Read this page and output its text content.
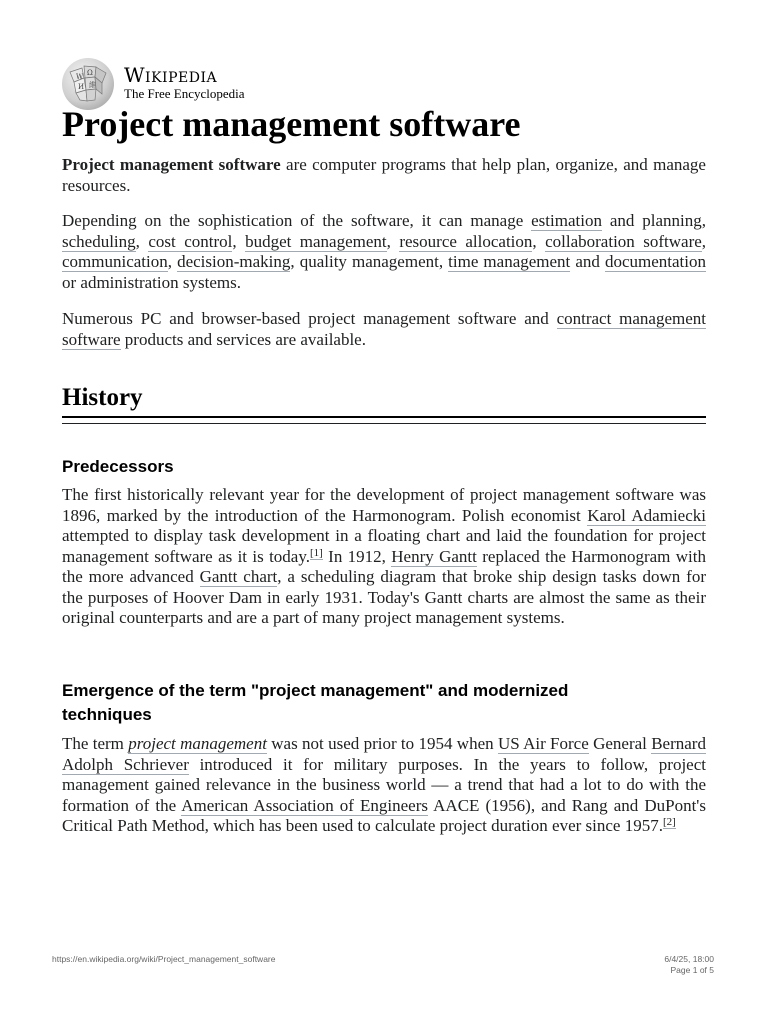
W Ω
И 維 Wikipedia
The Free Encyclopedia
Project management software

Project management software are computer programs that help plan, organize, and manage resources.

Depending on the sophistication of the software, it can manage estimation and planning, scheduling, cost control, budget management, resource allocation, collaboration software, communication, decision-making, quality management, time management and documentation or administration systems.

Numerous PC and browser-based project management software and contract management software products and services are available.

History
Predecessors

The first historically relevant year for the development of project management software was 1896, marked by the introduction of the Harmonogram. Polish economist Karol Adamiecki attempted to display task development in a floating chart and laid the foundation for project management software as it is today.[1] In 1912, Henry Gantt replaced the Harmonogram with the more advanced Gantt chart, a scheduling diagram that broke ship design tasks down for the purposes of Hoover Dam in early 1931. Today's Gantt charts are almost the same as their original counterparts and are a part of many project management systems.

Emergence of the term "project management" and modernized techniques

The term project management was not used prior to 1954 when US Air Force General Bernard Adolph Schriever introduced it for military purposes. In the years to follow, project management gained relevance in the business world — a trend that had a lot to do with the formation of the American Association of Engineers AACE (1956), and Rang and DuPont's Critical Path Method, which has been used to calculate project duration ever since 1957.[2]

https://en.wikipedia.org/wiki/Project_management_software	6/4/25, 18:00
Page 1 of 5
